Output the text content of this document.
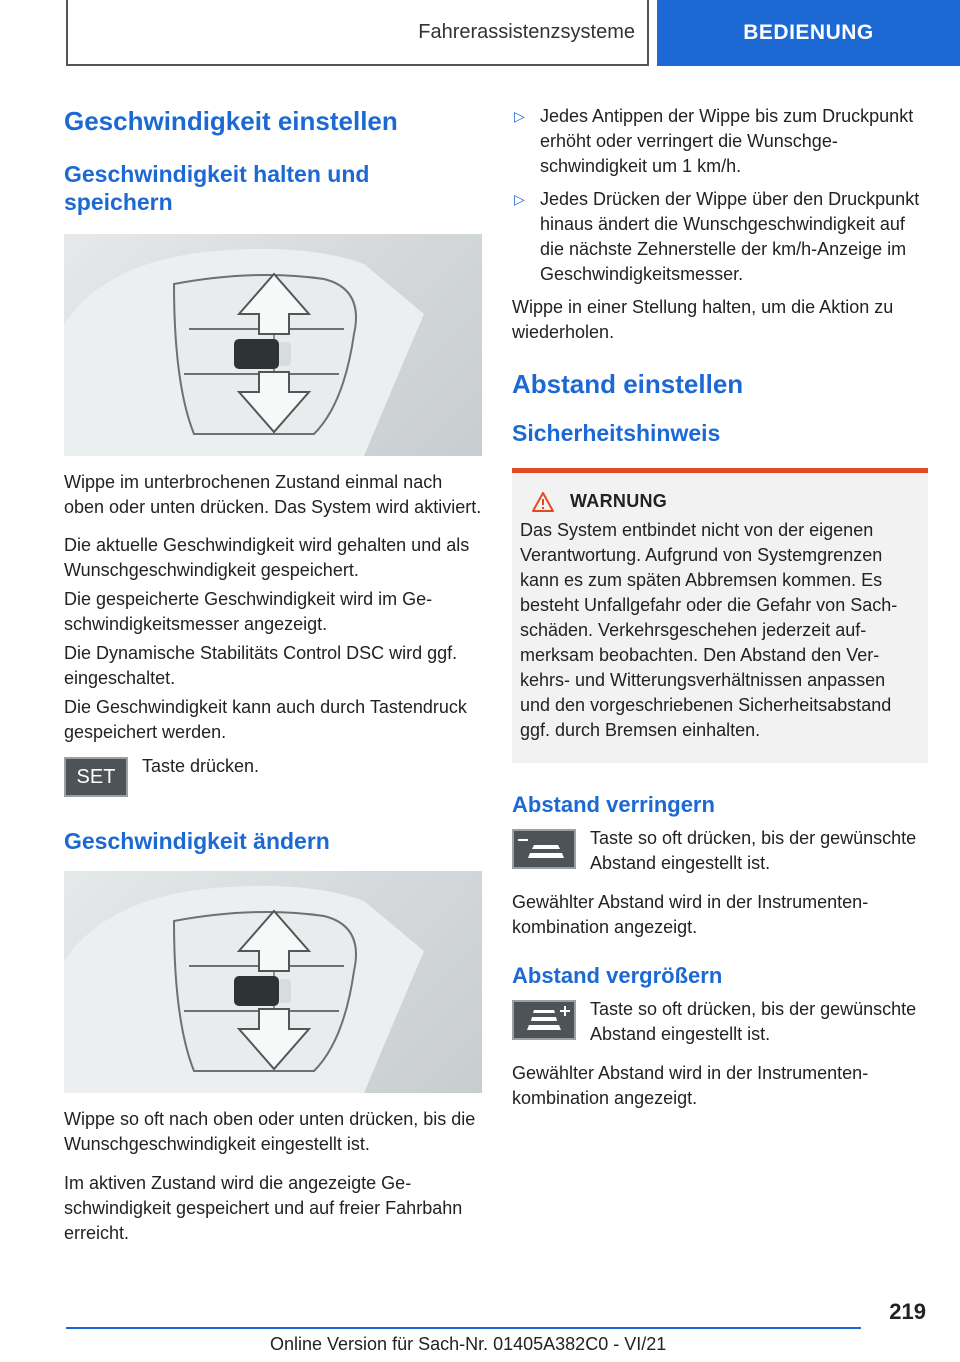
Fahrerassistenzsysteme	BEDIENUNG
Geschwindigkeit einstellen
Geschwindigkeit halten und speichern
Wippe im unterbrochenen Zustand einmal nach oben oder unten drücken. Das System wird aktiviert.
Die aktuelle Geschwindigkeit wird gehalten und als Wunschgeschwindigkeit gespeichert.
Die gespeicherte Geschwindigkeit wird im Geschwindigkeitsmesser angezeigt.
Die Dynamische Stabilitäts Control DSC wird ggf. eingeschaltet.
Die Geschwindigkeit kann auch durch Tastendruck gespeichert werden.
SET Taste drücken.
Geschwindigkeit ändern
Wippe so oft nach oben oder unten drücken, bis die Wunschgeschwindigkeit eingestellt ist.
Im aktiven Zustand wird die angezeigte Geschwindigkeit gespeichert und auf freier Fahrbahn erreicht.
▷ Jedes Antippen der Wippe bis zum Druckpunkt erhöht oder verringert die Wunschgeschwindigkeit um 1 km/h.
▷ Jedes Drücken der Wippe über den Druckpunkt hinaus ändert die Wunschgeschwindigkeit auf die nächste Zehnerstelle der km/h-Anzeige im Geschwindigkeitsmesser.
Wippe in einer Stellung halten, um die Aktion zu wiederholen.
Abstand einstellen
Sicherheitshinweis
WARNUNG
Das System entbindet nicht von der eigenen Verantwortung. Aufgrund von Systemgrenzen kann es zum späten Abbremsen kommen. Es besteht Unfallgefahr oder die Gefahr von Sachschäden. Verkehrsgeschehen jederzeit aufmerksam beobachten. Den Abstand den Verkehrs- und Witterungsverhältnissen anpassen und den vorgeschriebenen Sicherheitsabstand ggf. durch Bremsen einhalten.
Abstand verringern
Taste so oft drücken, bis der gewünschte Abstand eingestellt ist.
Gewählter Abstand wird in der Instrumentenkombination angezeigt.
Abstand vergrößern
Taste so oft drücken, bis der gewünschte Abstand eingestellt ist.
Gewählter Abstand wird in der Instrumentenkombination angezeigt.
219
Online Version für Sach-Nr. 01405A382C0 - VI/21
